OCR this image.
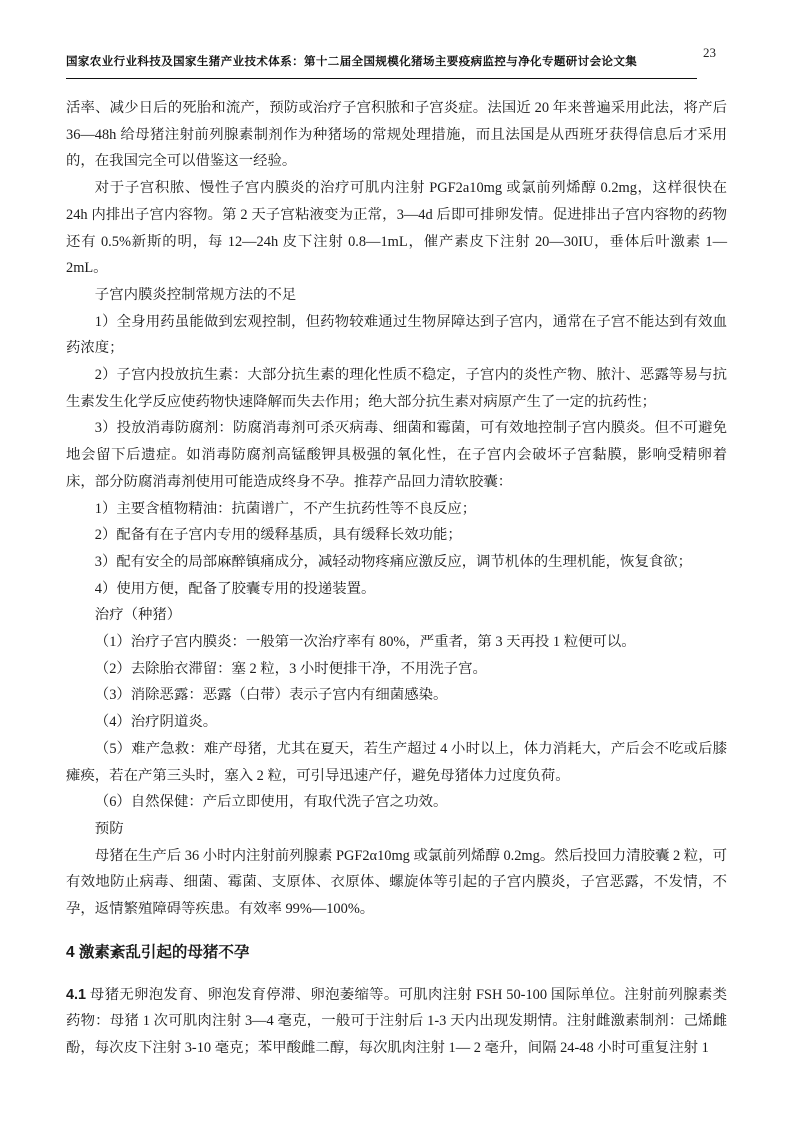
国家农业行业科技及国家生猪产业技术体系：第十二届全国规模化猪场主要疫病监控与净化专题研讨会论文集
23

活率、减少日后的死胎和流产，预防或治疗子宫积脓和子宫炎症。法国近 20 年来普遍采用此法，将产后 36—48h 给母猪注射前列腺素制剂作为种猪场的常规处理措施，而且法国是从西班牙获得信息后才采用的，在我国完全可以借鉴这一经验。

对于子宫积脓、慢性子宫内膜炎的治疗可肌内注射 PGF2a10mg 或氯前列烯醇 0.2mg，这样很快在 24h 内排出子宫内容物。第 2 天子宫粘液变为正常，3—4d 后即可排卵发情。促进排出子宫内容物的药物还有 0.5%新斯的明，每 12—24h 皮下注射 0.8—1mL，催产素皮下注射 20—30IU，垂体后叶激素 1—2mL。

子宫内膜炎控制常规方法的不足

1）全身用药虽能做到宏观控制，但药物较难通过生物屏障达到子宫内，通常在子宫不能达到有效血药浓度；

2）子宫内投放抗生素：大部分抗生素的理化性质不稳定，子宫内的炎性产物、脓汁、恶露等易与抗生素发生化学反应使药物快速降解而失去作用；绝大部分抗生素对病原产生了一定的抗药性；

3）投放消毒防腐剂：防腐消毒剂可杀灭病毒、细菌和霉菌，可有效地控制子宫内膜炎。但不可避免地会留下后遗症。如消毒防腐剂高锰酸钾具极强的氧化性，在子宫内会破坏子宫黏膜，影响受精卵着床，部分防腐消毒剂使用可能造成终身不孕。推荐产品回力清软胶囊：

1）主要含植物精油：抗菌谱广，不产生抗药性等不良反应；

2）配备有在子宫内专用的缓释基质，具有缓释长效功能；

3）配有安全的局部麻醉镇痛成分，减轻动物疼痛应激反应，调节机体的生理机能，恢复食欲；

4）使用方便，配备了胶囊专用的投递装置。

治疗（种猪）

（1）治疗子宫内膜炎：一般第一次治疗率有 80%，严重者，第 3 天再投 1 粒便可以。

（2）去除胎衣滞留：塞 2 粒，3 小时便排干净，不用洗子宫。

（3）消除恶露：恶露（白带）表示子宫内有细菌感染。

（4）治疗阴道炎。

（5）难产急救：难产母猪，尤其在夏天，若生产超过 4 小时以上，体力消耗大，产后会不吃或后膝瘫痪，若在产第三头时，塞入 2 粒，可引导迅速产仔，避免母猪体力过度负荷。

（6）自然保健：产后立即使用，有取代洗子宫之功效。

预防

母猪在生产后 36 小时内注射前列腺素 PGF2α10mg 或氯前列烯醇 0.2mg。然后投回力清胶囊 2 粒，可有效地防止病毒、细菌、霉菌、支原体、衣原体、螺旋体等引起的子宫内膜炎，子宫恶露，不发情，不孕，返情繁殖障碍等疾患。有效率 99%—100%。

4 激素紊乱引起的母猪不孕

4.1 母猪无卵泡发育、卵泡发育停滞、卵泡萎缩等。可肌肉注射 FSH 50-100 国际单位。注射前列腺素类药物：母猪 1 次可肌肉注射 3—4 毫克，一般可于注射后 1-3 天内出现发期情。注射雌激素制剂：己烯雌酚，每次皮下注射 3-10 毫克；苯甲酸雌二醇，每次肌肉注射 1— 2 毫升，间隔 24-48 小时可重复注射 1
